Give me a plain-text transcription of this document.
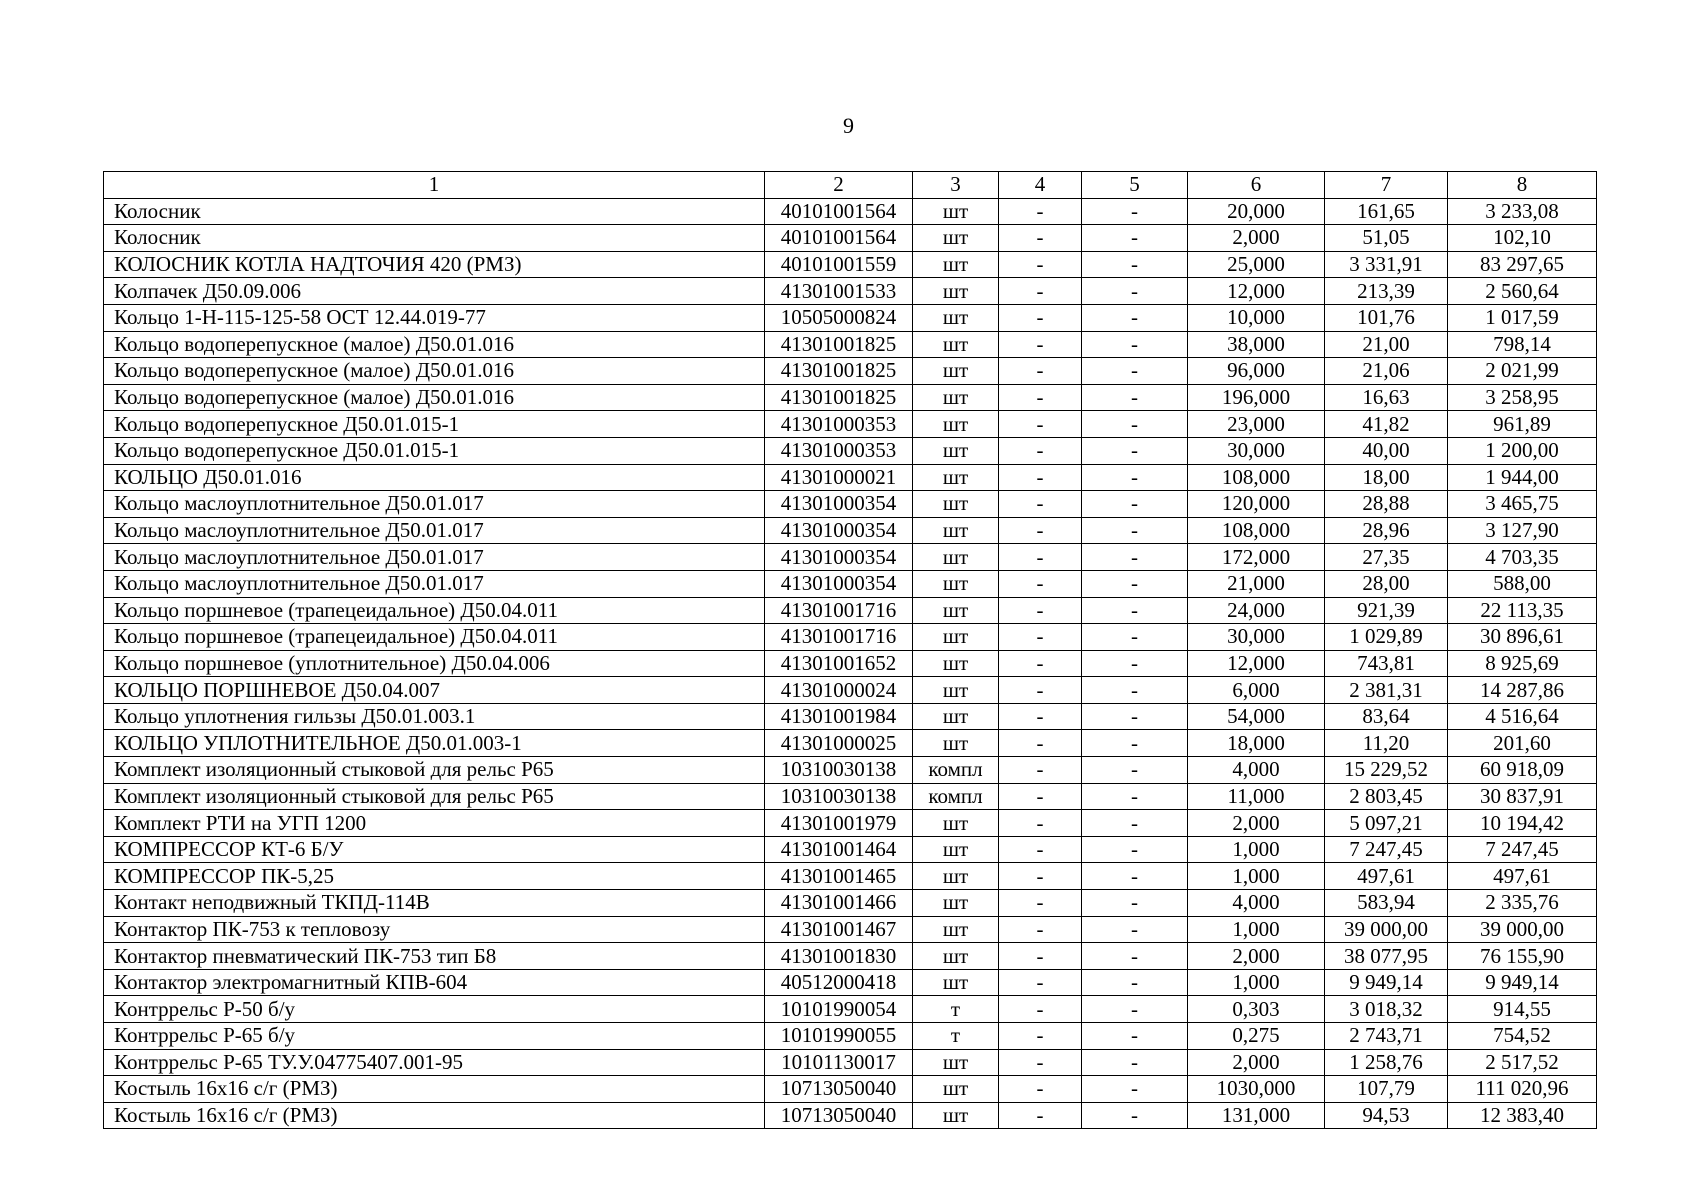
9
1	2	3	4	5	6	7	8
Колосник	40101001564	шт	-	-	20,000	161,65	3 233,08
Колосник	40101001564	шт	-	-	2,000	51,05	102,10
КОЛОСНИК КОТЛА НАДТОЧИЯ 420 (РМЗ)	40101001559	шт	-	-	25,000	3 331,91	83 297,65
Колпачек Д50.09.006	41301001533	шт	-	-	12,000	213,39	2 560,64
Кольцо 1-Н-115-125-58 ОСТ 12.44.019-77	10505000824	шт	-	-	10,000	101,76	1 017,59
Кольцо водоперепускное (малое) Д50.01.016	41301001825	шт	-	-	38,000	21,00	798,14
Кольцо водоперепускное (малое) Д50.01.016	41301001825	шт	-	-	96,000	21,06	2 021,99
Кольцо водоперепускное (малое) Д50.01.016	41301001825	шт	-	-	196,000	16,63	3 258,95
Кольцо водоперепускное Д50.01.015-1	41301000353	шт	-	-	23,000	41,82	961,89
Кольцо водоперепускное Д50.01.015-1	41301000353	шт	-	-	30,000	40,00	1 200,00
КОЛЬЦО Д50.01.016	41301000021	шт	-	-	108,000	18,00	1 944,00
Кольцо маслоуплотнительное Д50.01.017	41301000354	шт	-	-	120,000	28,88	3 465,75
Кольцо маслоуплотнительное Д50.01.017	41301000354	шт	-	-	108,000	28,96	3 127,90
Кольцо маслоуплотнительное Д50.01.017	41301000354	шт	-	-	172,000	27,35	4 703,35
Кольцо маслоуплотнительное Д50.01.017	41301000354	шт	-	-	21,000	28,00	588,00
Кольцо поршневое (трапецеидальное) Д50.04.011	41301001716	шт	-	-	24,000	921,39	22 113,35
Кольцо поршневое (трапецеидальное) Д50.04.011	41301001716	шт	-	-	30,000	1 029,89	30 896,61
Кольцо поршневое (уплотнительное) Д50.04.006	41301001652	шт	-	-	12,000	743,81	8 925,69
КОЛЬЦО ПОРШНЕВОЕ Д50.04.007	41301000024	шт	-	-	6,000	2 381,31	14 287,86
Кольцо уплотнения гильзы Д50.01.003.1	41301001984	шт	-	-	54,000	83,64	4 516,64
КОЛЬЦО УПЛОТНИТЕЛЬНОЕ Д50.01.003-1	41301000025	шт	-	-	18,000	11,20	201,60
Комплект изоляционный стыковой для рельс Р65	10310030138	компл	-	-	4,000	15 229,52	60 918,09
Комплект изоляционный стыковой для рельс Р65	10310030138	компл	-	-	11,000	2 803,45	30 837,91
Комплект РТИ на УГП 1200	41301001979	шт	-	-	2,000	5 097,21	10 194,42
КОМПРЕССОР КТ-6 Б/У	41301001464	шт	-	-	1,000	7 247,45	7 247,45
КОМПРЕССОР ПК-5,25	41301001465	шт	-	-	1,000	497,61	497,61
Контакт неподвижный ТКПД-114В	41301001466	шт	-	-	4,000	583,94	2 335,76
Контактор ПК-753 к тепловозу	41301001467	шт	-	-	1,000	39 000,00	39 000,00
Контактор пневматический ПК-753 тип Б8	41301001830	шт	-	-	2,000	38 077,95	76 155,90
Контактор электромагнитный КПВ-604	40512000418	шт	-	-	1,000	9 949,14	9 949,14
Контррельс Р-50 б/у	10101990054	т	-	-	0,303	3 018,32	914,55
Контррельс Р-65 б/у	10101990055	т	-	-	0,275	2 743,71	754,52
Контррельс Р-65 ТУ.У.04775407.001-95	10101130017	шт	-	-	2,000	1 258,76	2 517,52
Костыль 16х16 с/г (РМЗ)	10713050040	шт	-	-	1030,000	107,79	111 020,96
Костыль 16х16 с/г (РМЗ)	10713050040	шт	-	-	131,000	94,53	12 383,40
